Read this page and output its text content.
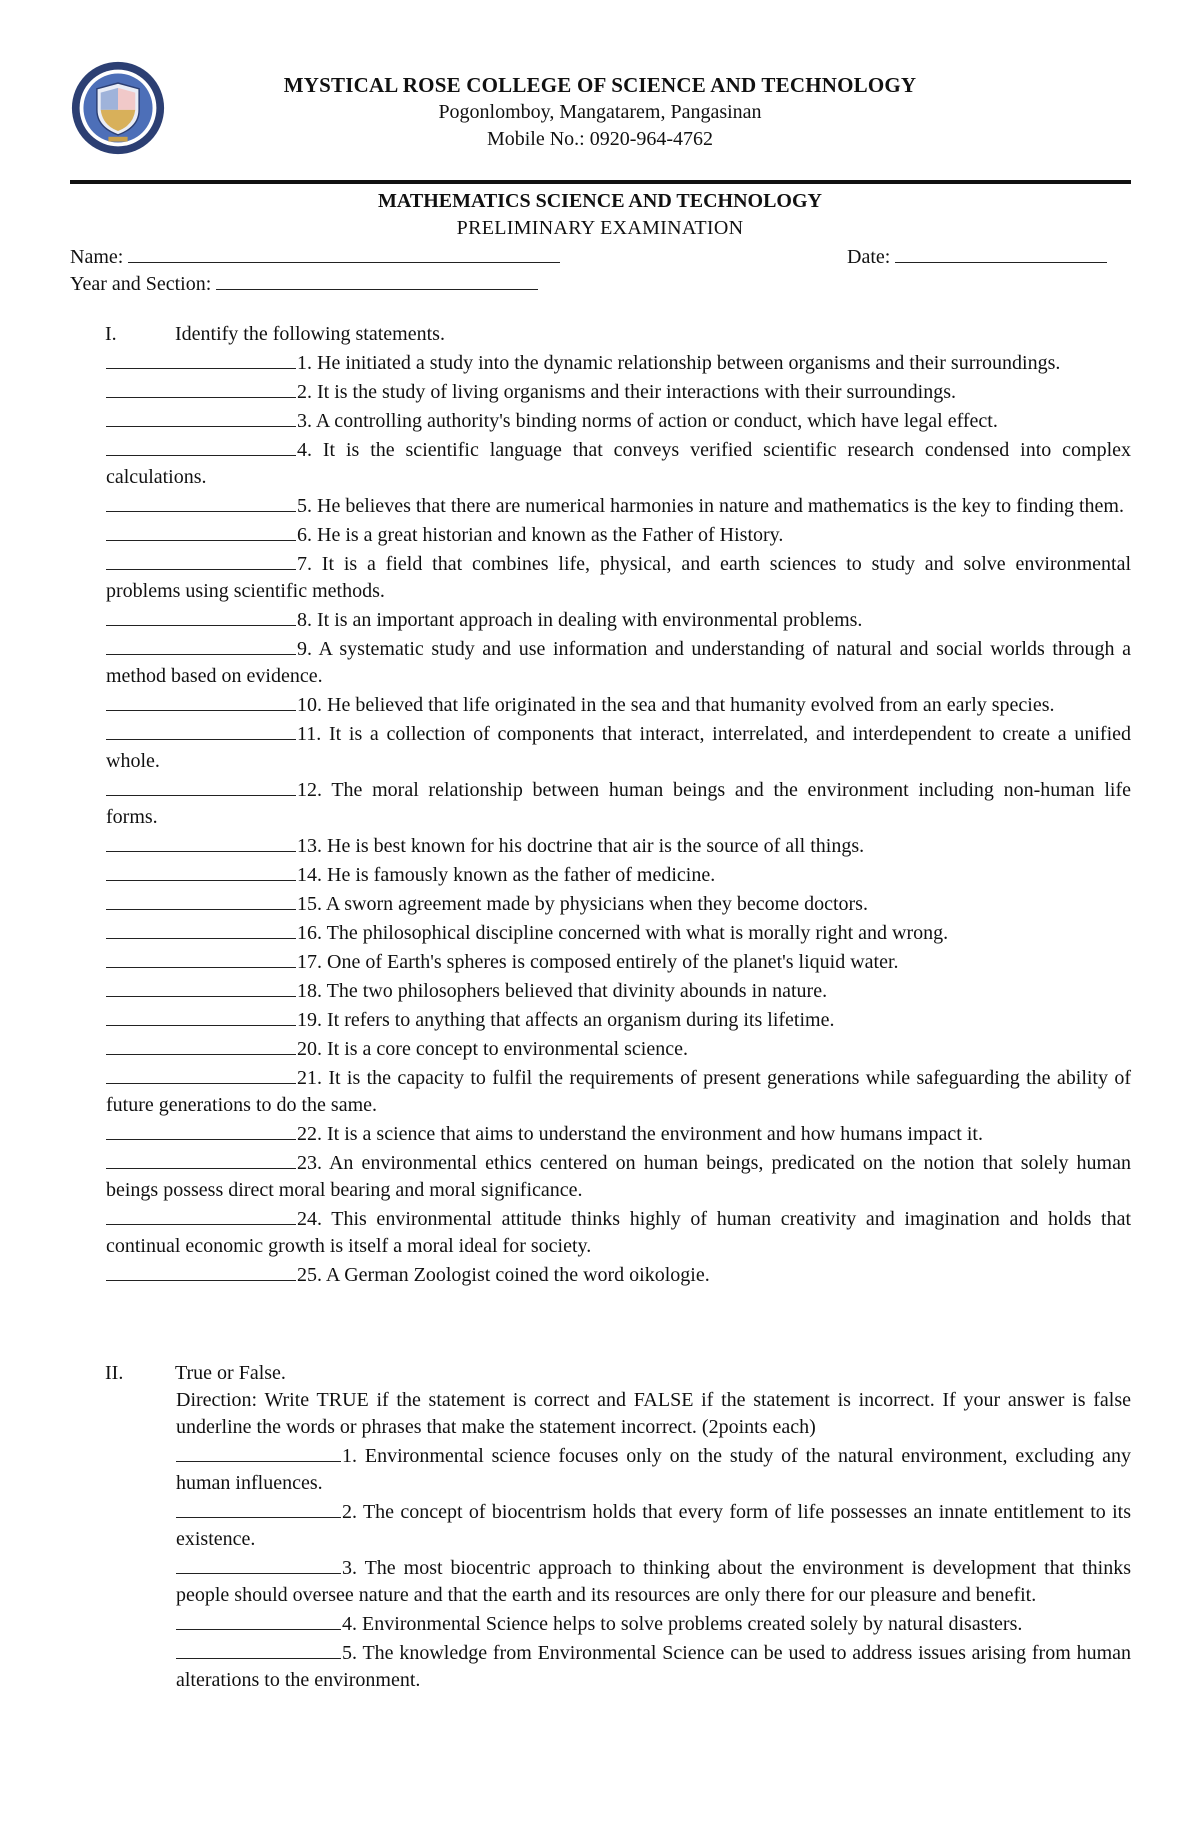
MYSTICAL ROSE COLLEGE OF SCIENCE AND TECHNOLOGY
Pogonlomboy, Mangatarem, Pangasinan
Mobile No.: 0920-964-4762
MATHEMATICS SCIENCE AND TECHNOLOGY
PRELIMINARY EXAMINATION
Name:	Date:
Year and Section:
I.	Identify the following statements.

1. He initiated a study into the dynamic relationship between organisms and their surroundings.

2. It is the study of living organisms and their interactions with their surroundings.

3. A controlling authority's binding norms of action or conduct, which have legal effect.

4. It is the scientific language that conveys verified scientific research condensed into complex calculations.

5. He believes that there are numerical harmonies in nature and mathematics is the key to finding them.

6. He is a great historian and known as the Father of History.

7. It is a field that combines life, physical, and earth sciences to study and solve environmental problems using scientific methods.

8. It is an important approach in dealing with environmental problems.

9. A systematic study and use information and understanding of natural and social worlds through a method based on evidence.

10. He believed that life originated in the sea and that humanity evolved from an early species.

11. It is a collection of components that interact, interrelated, and interdependent to create a unified whole.

12. The moral relationship between human beings and the environment including non-human life forms.

13. He is best known for his doctrine that air is the source of all things.

14. He is famously known as the father of medicine.

15. A sworn agreement made by physicians when they become doctors.

16. The philosophical discipline concerned with what is morally right and wrong.

17. One of Earth's spheres is composed entirely of the planet's liquid water.

18. The two philosophers believed that divinity abounds in nature.

19. It refers to anything that affects an organism during its lifetime.

20. It is a core concept to environmental science.

21. It is the capacity to fulfil the requirements of present generations while safeguarding the ability of future generations to do the same.

22. It is a science that aims to understand the environment and how humans impact it.

23. An environmental ethics centered on human beings, predicated on the notion that solely human beings possess direct moral bearing and moral significance.

24. This environmental attitude thinks highly of human creativity and imagination and holds that continual economic growth is itself a moral ideal for society.

25. A German Zoologist coined the word oikologie.

II.	True or False.

Direction: Write TRUE if the statement is correct and FALSE if the statement is incorrect. If your answer is false underline the words or phrases that make the statement incorrect. (2points each)

1. Environmental science focuses only on the study of the natural environment, excluding any human influences.

2. The concept of biocentrism holds that every form of life possesses an innate entitlement to its existence.

3. The most biocentric approach to thinking about the environment is development that thinks people should oversee nature and that the earth and its resources are only there for our pleasure and benefit.

4. Environmental Science helps to solve problems created solely by natural disasters.

5. The knowledge from Environmental Science can be used to address issues arising from human alterations to the environment.
